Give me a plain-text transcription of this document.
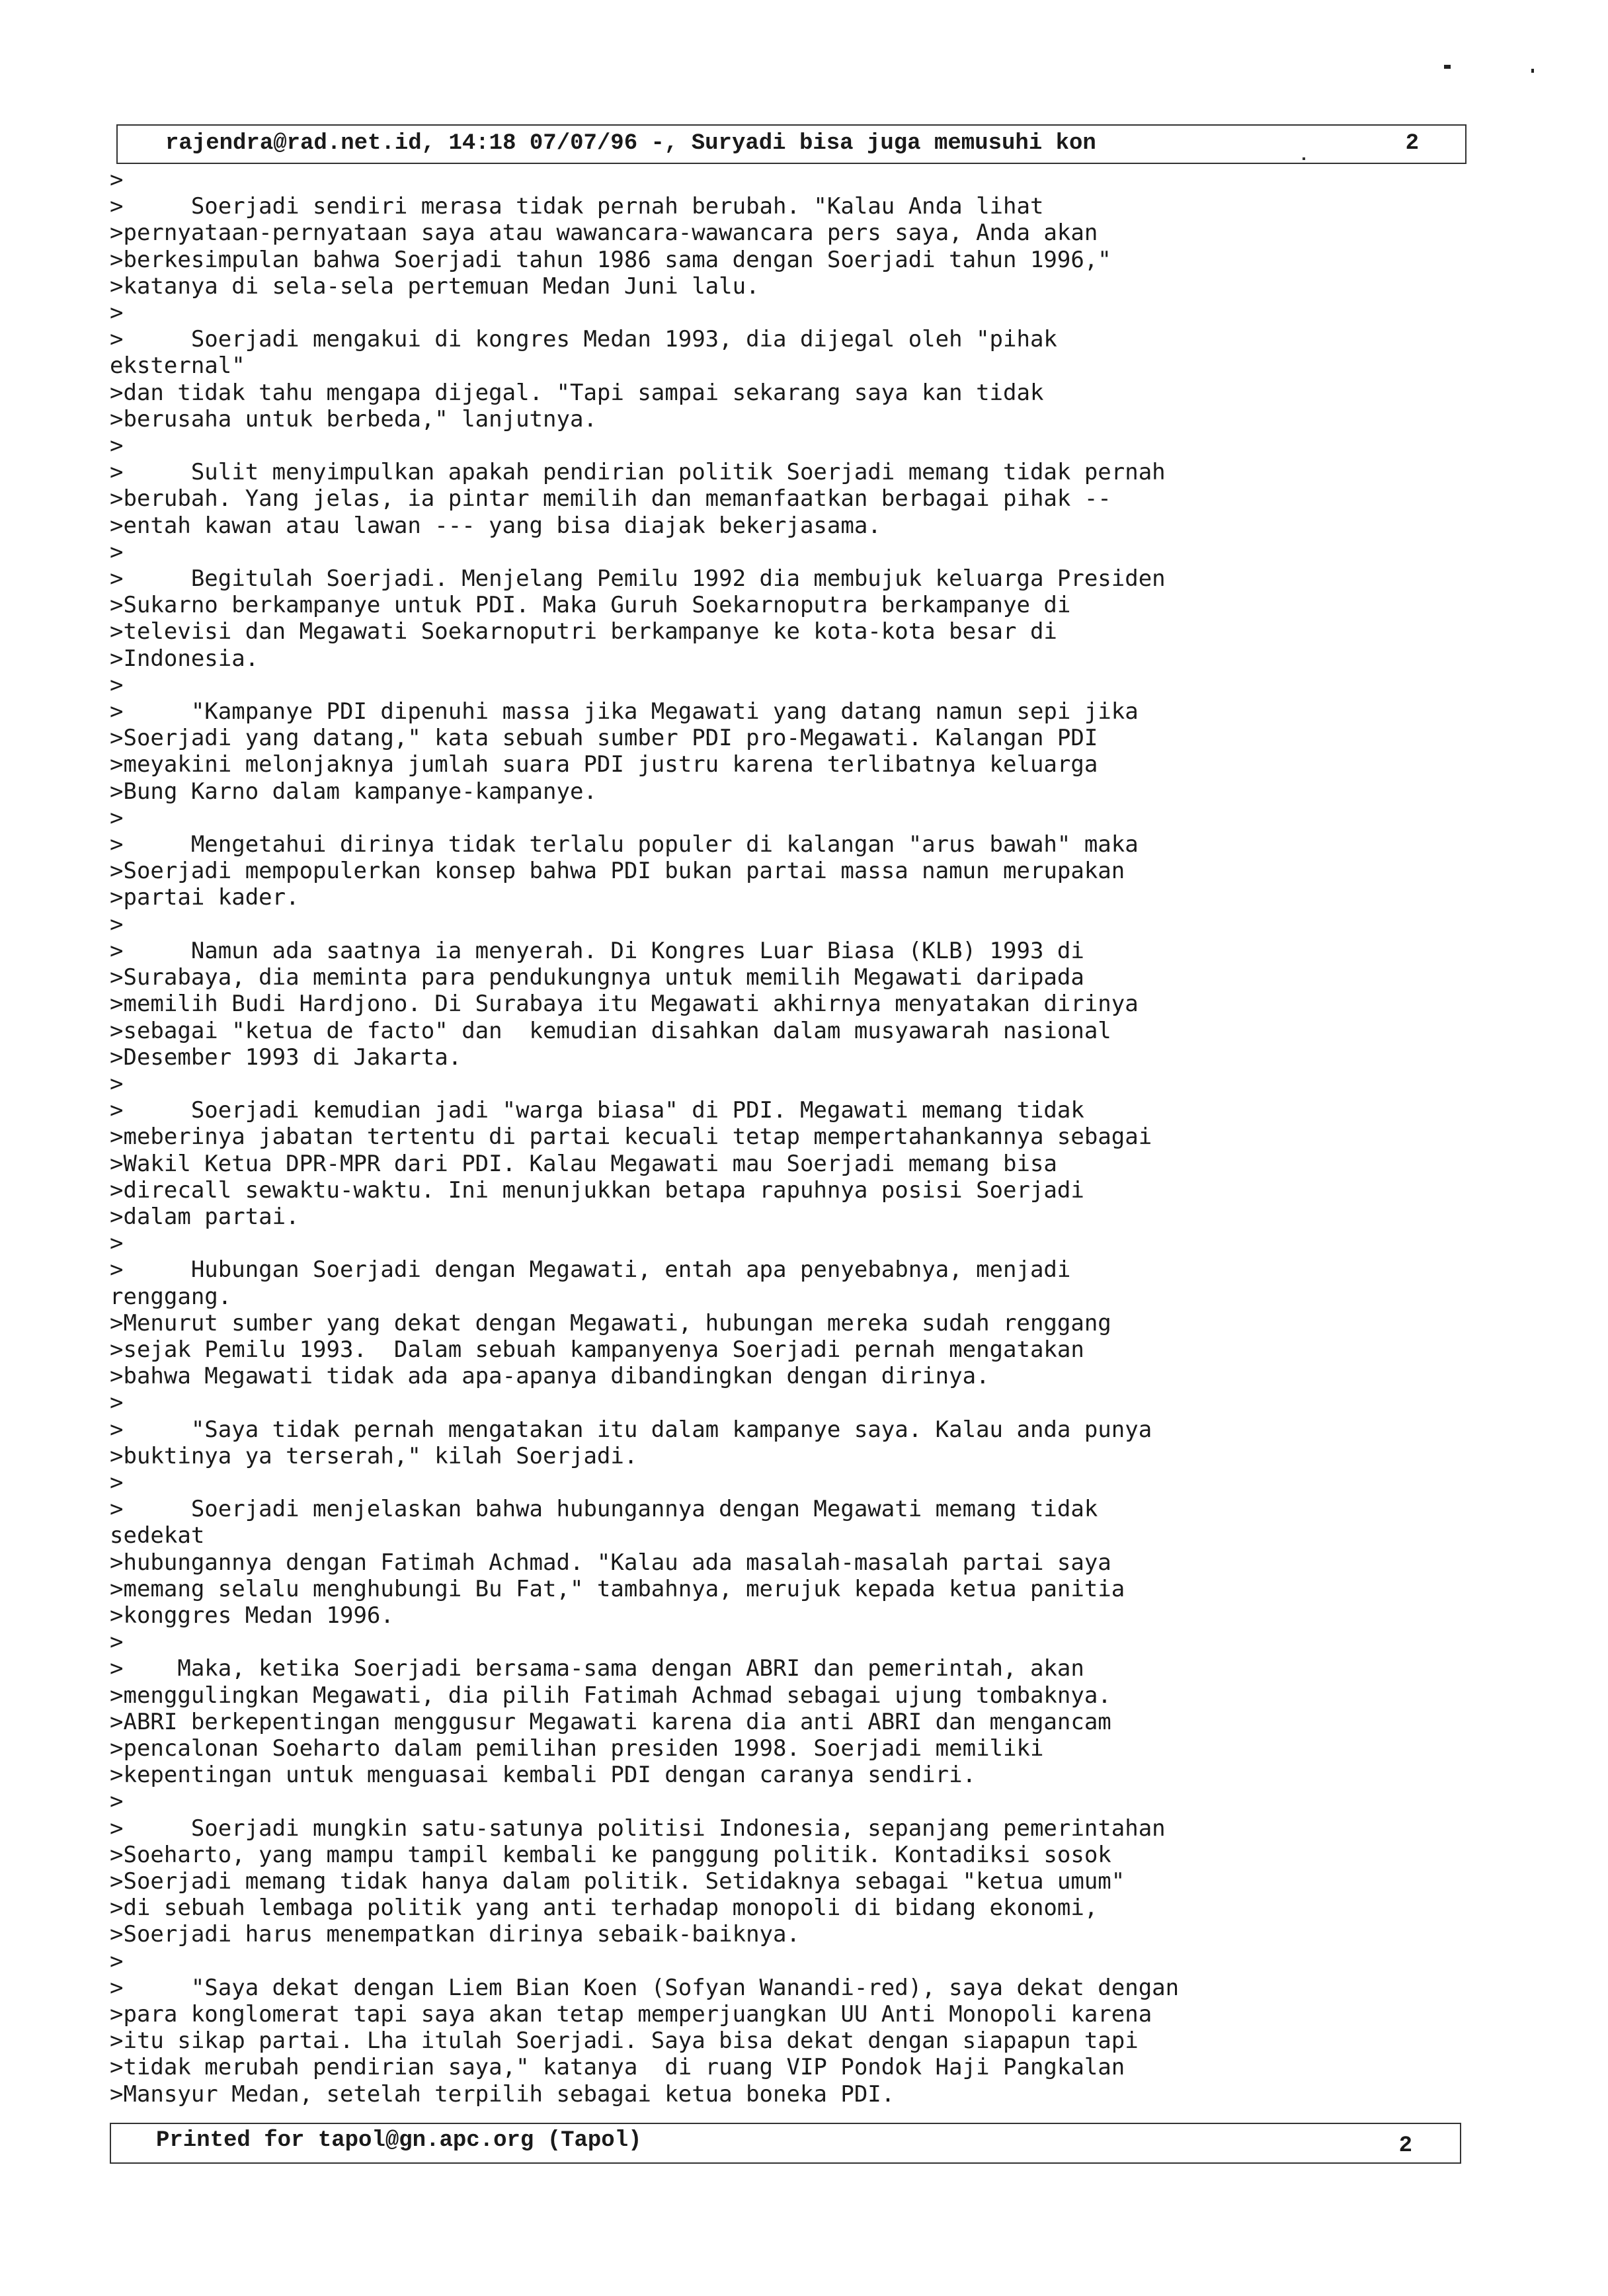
rajendra@rad.net.id, 14:18 07/07/96 -, Suryadi bisa juga memusuhi kon	2
>
>     Soerjadi sendiri merasa tidak pernah berubah. "Kalau Anda lihat
>pernyataan-pernyataan saya atau wawancara-wawancara pers saya, Anda akan
>berkesimpulan bahwa Soerjadi tahun 1986 sama dengan Soerjadi tahun 1996,"
>katanya di sela-sela pertemuan Medan Juni lalu.
>
>     Soerjadi mengakui di kongres Medan 1993, dia dijegal oleh "pihak
eksternal"
>dan tidak tahu mengapa dijegal. "Tapi sampai sekarang saya kan tidak
>berusaha untuk berbeda," lanjutnya.
>
>     Sulit menyimpulkan apakah pendirian politik Soerjadi memang tidak pernah
>berubah. Yang jelas, ia pintar memilih dan memanfaatkan berbagai pihak --
>entah kawan atau lawan --- yang bisa diajak bekerjasama.
>
>     Begitulah Soerjadi. Menjelang Pemilu 1992 dia membujuk keluarga Presiden
>Sukarno berkampanye untuk PDI. Maka Guruh Soekarnoputra berkampanye di
>televisi dan Megawati Soekarnoputri berkampanye ke kota-kota besar di
>Indonesia.
>
>     "Kampanye PDI dipenuhi massa jika Megawati yang datang namun sepi jika
>Soerjadi yang datang," kata sebuah sumber PDI pro-Megawati. Kalangan PDI
>meyakini melonjaknya jumlah suara PDI justru karena terlibatnya keluarga
>Bung Karno dalam kampanye-kampanye.
>
>     Mengetahui dirinya tidak terlalu populer di kalangan "arus bawah" maka
>Soerjadi mempopulerkan konsep bahwa PDI bukan partai massa namun merupakan
>partai kader.
>
>     Namun ada saatnya ia menyerah. Di Kongres Luar Biasa (KLB) 1993 di
>Surabaya, dia meminta para pendukungnya untuk memilih Megawati daripada
>memilih Budi Hardjono. Di Surabaya itu Megawati akhirnya menyatakan dirinya
>sebagai "ketua de facto" dan  kemudian disahkan dalam musyawarah nasional
>Desember 1993 di Jakarta.
>
>     Soerjadi kemudian jadi "warga biasa" di PDI. Megawati memang tidak
>meberinya jabatan tertentu di partai kecuali tetap mempertahankannya sebagai
>Wakil Ketua DPR-MPR dari PDI. Kalau Megawati mau Soerjadi memang bisa
>direcall sewaktu-waktu. Ini menunjukkan betapa rapuhnya posisi Soerjadi
>dalam partai.
>
>     Hubungan Soerjadi dengan Megawati, entah apa penyebabnya, menjadi
renggang.
>Menurut sumber yang dekat dengan Megawati, hubungan mereka sudah renggang
>sejak Pemilu 1993.  Dalam sebuah kampanyenya Soerjadi pernah mengatakan
>bahwa Megawati tidak ada apa-apanya dibandingkan dengan dirinya.
>
>     "Saya tidak pernah mengatakan itu dalam kampanye saya. Kalau anda punya
>buktinya ya terserah," kilah Soerjadi.
>
>     Soerjadi menjelaskan bahwa hubungannya dengan Megawati memang tidak
sedekat
>hubungannya dengan Fatimah Achmad. "Kalau ada masalah-masalah partai saya
>memang selalu menghubungi Bu Fat," tambahnya, merujuk kepada ketua panitia
>konggres Medan 1996.
>
>    Maka, ketika Soerjadi bersama-sama dengan ABRI dan pemerintah, akan
>menggulingkan Megawati, dia pilih Fatimah Achmad sebagai ujung tombaknya.
>ABRI berkepentingan menggusur Megawati karena dia anti ABRI dan mengancam
>pencalonan Soeharto dalam pemilihan presiden 1998. Soerjadi memiliki
>kepentingan untuk menguasai kembali PDI dengan caranya sendiri.
>
>     Soerjadi mungkin satu-satunya politisi Indonesia, sepanjang pemerintahan
>Soeharto, yang mampu tampil kembali ke panggung politik. Kontadiksi sosok
>Soerjadi memang tidak hanya dalam politik. Setidaknya sebagai "ketua umum"
>di sebuah lembaga politik yang anti terhadap monopoli di bidang ekonomi,
>Soerjadi harus menempatkan dirinya sebaik-baiknya.
>
>     "Saya dekat dengan Liem Bian Koen (Sofyan Wanandi-red), saya dekat dengan
>para konglomerat tapi saya akan tetap memperjuangkan UU Anti Monopoli karena
>itu sikap partai. Lha itulah Soerjadi. Saya bisa dekat dengan siapapun tapi
>tidak merubah pendirian saya," katanya  di ruang VIP Pondok Haji Pangkalan
>Mansyur Medan, setelah terpilih sebagai ketua boneka PDI.
Printed for tapol@gn.apc.org (Tapol)	2
